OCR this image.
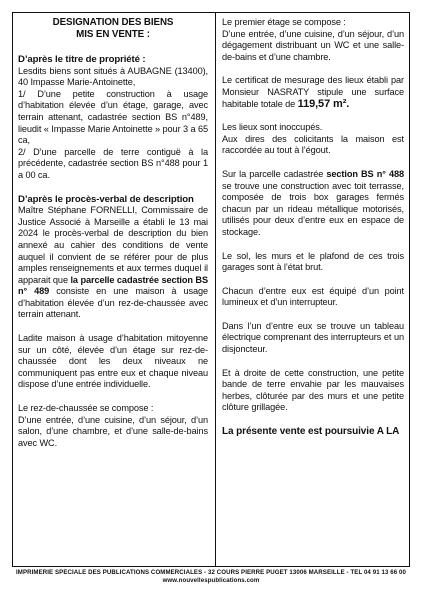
DESIGNATION DES BIENS
MIS EN VENTE :

D’après le titre de propriété :

Lesdits biens sont situés à AUBAGNE (13400), 40 Impasse Marie-Antoinette,

1/ D’une petite construction à usage d’habitation élevée d’un étage, garage, avec terrain attenant, cadastrée section BS n°489, lieudit « Impasse Marie Antoinette » pour 3 a 65 ca,

2/ D’une parcelle de terre contiguë à la précédente, cadastrée section BS n°488 pour 1 a 00 ca.

D’après le procès-verbal de description

Maître Stéphane FORNELLI, Commissaire de Justice Associé à Marseille a établi le 13 mai 2024 le procès-verbal de description du bien annexé au cahier des conditions de vente auquel il convient de se référer pour de plus amples renseignements et aux termes duquel il apparait que la parcelle cadastrée section BS n° 489 consiste en une maison à usage d’habitation élevée d’un rez-de-chaussée avec terrain attenant.

Ladite maison à usage d’habitation mitoyenne sur un côté, élevée d’un étage sur rez-de- chaussée dont les deux niveaux ne communiquent pas entre eux et chaque niveau dispose d’une entrée individuelle.

Le rez-de-chaussée se compose :

D’une entrée, d’une cuisine, d’un séjour, d’un salon, d’une chambre, et d’une salle-de-bains avec WC.

Le premier étage se compose :

D’une entrée, d’une cuisine, d’un séjour, d’un dégagement distribuant un WC et une salle-de-bains et d’une chambre.

Le certificat de mesurage des lieux établi par Monsieur NASRATY stipule une surface habitable totale de 119,57 m².

Les lieux sont inoccupés.

Aux dires des colicitants la maison est raccordée au tout à l’égout.

Sur la parcelle cadastrée section BS n° 488 se trouve une construction avec toit terrasse, composée de trois box garages fermés chacun par un rideau métallique motorisés, utilisés pour deux d’entre eux en espace de stockage.

Le sol, les murs et le plafond de ces trois garages sont à l’état brut.

Chacun d’entre eux est équipé d’un point lumineux et d’un interrupteur.

Dans l’un d’entre eux se trouve un tableau électrique comprenant des interrupteurs et un disjoncteur.

Et à droite de cette construction, une petite bande de terre envahie par les mauvaises herbes, clôturée par des murs et une petite clôture grillagée.

La présente vente est poursuivie A LA

IMPRIMERIE SPECIALE DES PUBLICATIONS COMMERCIALES - 32 COURS PIERRE PUGET 13006 MARSEILLE - TEL 04 91 13 66 00
www.nouvellespublications.com
